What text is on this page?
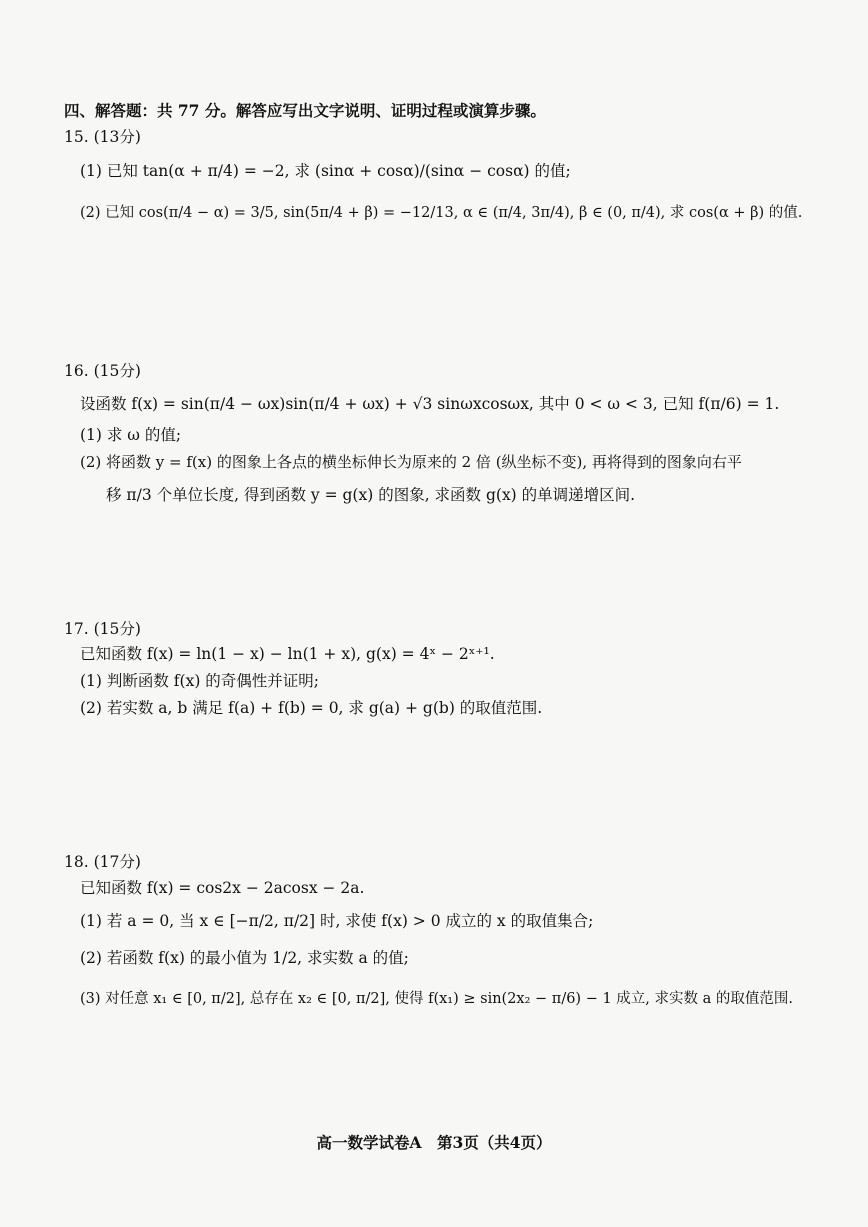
四、解答题：共 77 分。解答应写出文字说明、证明过程或演算步骤。
15. (13分)
(1) 已知 tan(α + π/4) = −2, 求 (sinα + cosα)/(sinα − cosα) 的值;
(2) 已知 cos(π/4 − α) = 3/5, sin(5π/4 + β) = −12/13, α ∈ (π/4, 3π/4), β ∈ (0, π/4), 求 cos(α + β) 的值.
16. (15分)
设函数 f(x) = sin(π/4 − ωx)sin(π/4 + ωx) + √3 sinωxcosωx, 其中 0 < ω < 3, 已知 f(π/6) = 1.
(1) 求 ω 的值;
(2) 将函数 y = f(x) 的图象上各点的横坐标伸长为原来的 2 倍 (纵坐标不变), 再将得到的图象向右平
移 π/3 个单位长度, 得到函数 y = g(x) 的图象, 求函数 g(x) 的单调递增区间.
17. (15分)
已知函数 f(x) = ln(1 − x) − ln(1 + x), g(x) = 4ˣ − 2ˣ⁺¹.
(1) 判断函数 f(x) 的奇偶性并证明;
(2) 若实数 a, b 满足 f(a) + f(b) = 0, 求 g(a) + g(b) 的取值范围.
18. (17分)
已知函数 f(x) = cos2x − 2acosx − 2a.
(1) 若 a = 0, 当 x ∈ [−π/2, π/2] 时, 求使 f(x) > 0 成立的 x 的取值集合;
(2) 若函数 f(x) 的最小值为 1/2, 求实数 a 的值;
(3) 对任意 x₁ ∈ [0, π/2], 总存在 x₂ ∈ [0, π/2], 使得 f(x₁) ≥ sin(2x₂ − π/6) − 1 成立, 求实数 a 的取值范围.
高一数学试卷A　第3页（共4页）
